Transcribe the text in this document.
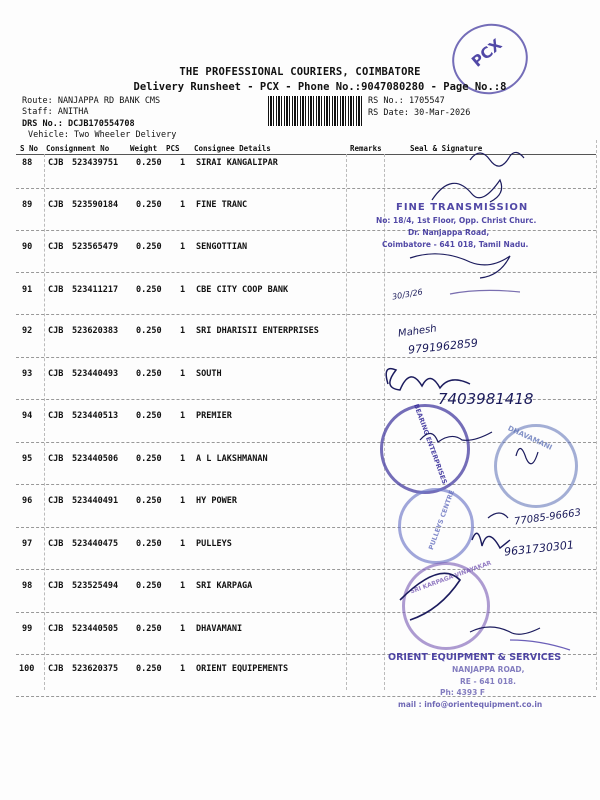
PCX
THE PROFESSIONAL COURIERS, COIMBATORE
Delivery Runsheet - PCX - Phone No.:9047080280 - Page No.:8
Route: NANJAPPA RD BANK CMS
Staff: ANITHA
DRS No.: DCJB170554708
Vehicle: Two Wheeler Delivery
RS No.: 1705547
RS Date: 30-Mar-2026
S No Consignment No	Weight PCS Consignee Details	Remarks	Seal & Signature
88 CJB 523439751 0.250 1 SIRAI KANGALIPAR
89 CJB 523590184 0.250 1 FINE TRANC
90 CJB 523565479 0.250 1 SENGOTTIAN
91 CJB 523411217 0.250 1 CBE CITY COOP BANK
92 CJB 523620383 0.250 1 SRI DHARISII ENTERPRISES
93 CJB 523440493 0.250 1 SOUTH
94 CJB 523440513 0.250 1 PREMIER
95 CJB 523440506 0.250 1 A L LAKSHMANAN
96 CJB 523440491 0.250 1 HY POWER
97 CJB 523440475 0.250 1 PULLEYS
98 CJB 523525494 0.250 1 SRI KARPAGA
99 CJB 523440505 0.250 1 DHAVAMANI
100 CJB 523620375 0.250 1 ORIENT EQUIPEMENTS
FINE TRANSMISSION
No: 18/4, 1st Floor, Opp. Christ Churc.
Dr. Nanjappa Road,
Coimbatore - 641 018, Tamil Nadu.
BEARING ENTERPRISES	DHAVAMANI
PULLEYS CENTRE
SRI KARPAGA VINAYAKAR
ORIENT EQUIPMENT & SERVICES
NANJAPPA ROAD,
RE - 641 018.
Ph: 4393 F
mail : info@orientequipment.co.in
Mahesh
9791962859
7403981418
77085-96663
9631730301
30/3/26
